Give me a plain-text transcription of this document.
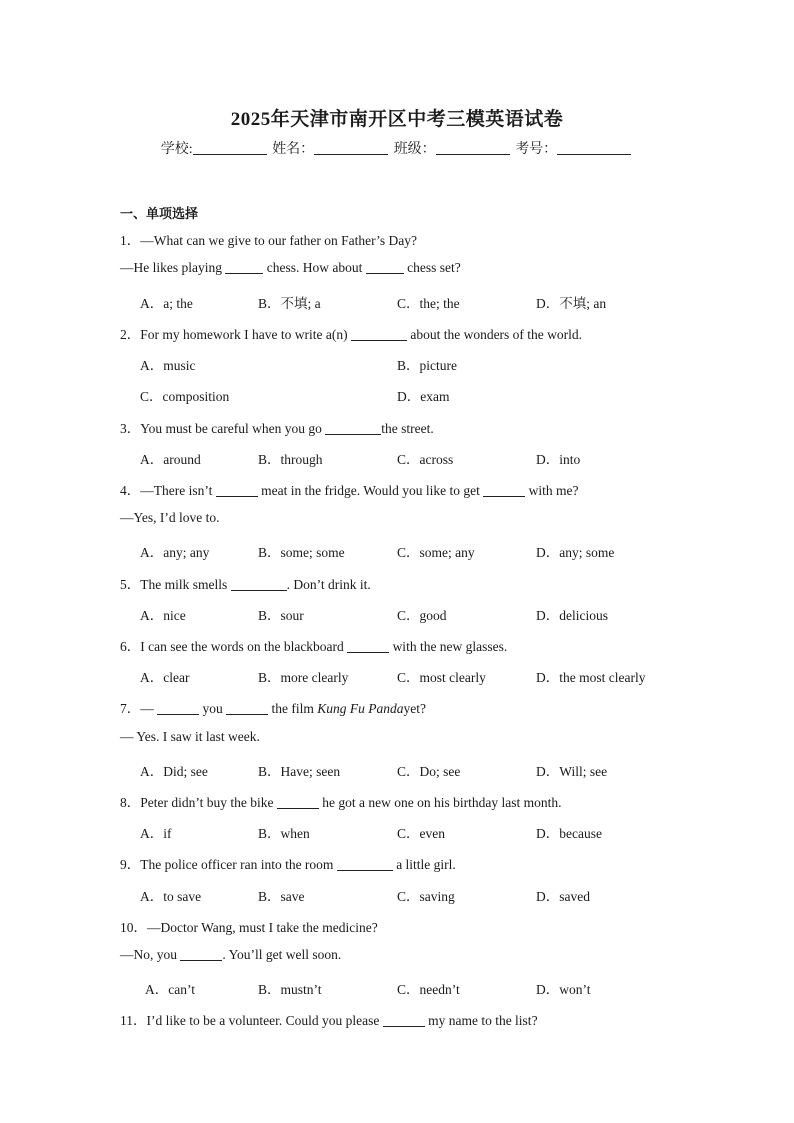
2025年天津市南开区中考三模英语试卷
学校:	姓名：	班级：	考号：
一、单项选择
1．—What can we give to our father on Father’s Day?
—He likes playing	chess. How about	chess set?
A．a; the	B．不填; a	C．the; the	D．不填; an
2．For my homework I have to write a(n)	about the wonders of the world.
A．music	B．picture
C．composition	D．exam
3．You must be careful when you go	the street.
A．around	B．through	C．across	D．into
4．—There isn’t	meat in the fridge. Would you like to get	with me?
—Yes, I’d love to.
A．any; any	B．some; some	C．some; any	D．any; some
5．The milk smells	. Don’t drink it.
A．nice	B．sour	C．good	D．delicious
6．I can see the words on the blackboard	with the new glasses.
A．clear	B．more clearly	C．most clearly	D．the most clearly
7．—	you	the film Kung Fu Pandayet?
— Yes. I saw it last week.
A．Did; see	B．Have; seen	C．Do; see	D．Will; see
8．Peter didn’t buy the bike	he got a new one on his birthday last month.
A．if	B．when	C．even	D．because
9．The police officer ran into the room	a little girl.
A．to save	B．save	C．saving	D．saved
10．—Doctor Wang, must I take the medicine?
—No, you	. You’ll get well soon.
A．can’t	B．mustn’t	C．needn’t	D．won’t
11．I’d like to be a volunteer. Could you please	my name to the list?
